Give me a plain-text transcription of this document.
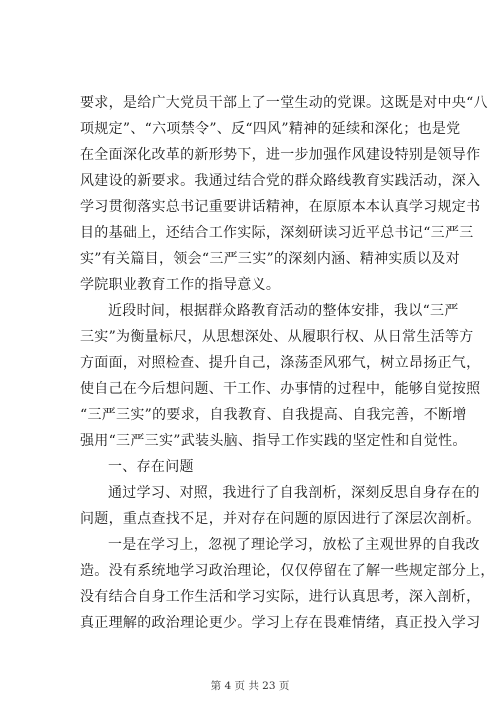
要求，是给广大党员干部上了一堂生动的党课。这既是对中央“八
项规定”、“六项禁令”、反“四风”精神的延续和深化；也是党
在全面深化改革的新形势下，进一步加强作风建设特别是领导作
风建设的新要求。我通过结合党的群众路线教育实践活动，深入
学习贯彻落实总书记重要讲话精神，在原原本本认真学习规定书
目的基础上，还结合工作实际，深刻研读习近平总书记“三严三
实”有关篇目，领会“三严三实”的深刻内涵、精神实质以及对
学院职业教育工作的指导意义。
近段时间，根据群众路教育活动的整体安排，我以“三严
三实”为衡量标尺，从思想深处、从履职行权、从日常生活等方
方面面，对照检查、提升自己，涤荡歪风邪气，树立昂扬正气，
使自己在今后想问题、干工作、办事情的过程中，能够自觉按照
“三严三实”的要求，自我教育、自我提高、自我完善，不断增
强用“三严三实”武装头脑、指导工作实践的坚定性和自觉性。
一、存在问题
通过学习、对照，我进行了自我剖析，深刻反思自身存在的
问题，重点查找不足，并对存在问题的原因进行了深层次剖析。
一是在学习上，忽视了理论学习，放松了主观世界的自我改
造。没有系统地学习政治理论，仅仅停留在了解一些规定部分上，
没有结合自身工作生活和学习实际，进行认真思考，深入剖析，
真正理解的政治理论更少。学习上存在畏难情绪，真正投入学习
第 4 页 共 23 页
